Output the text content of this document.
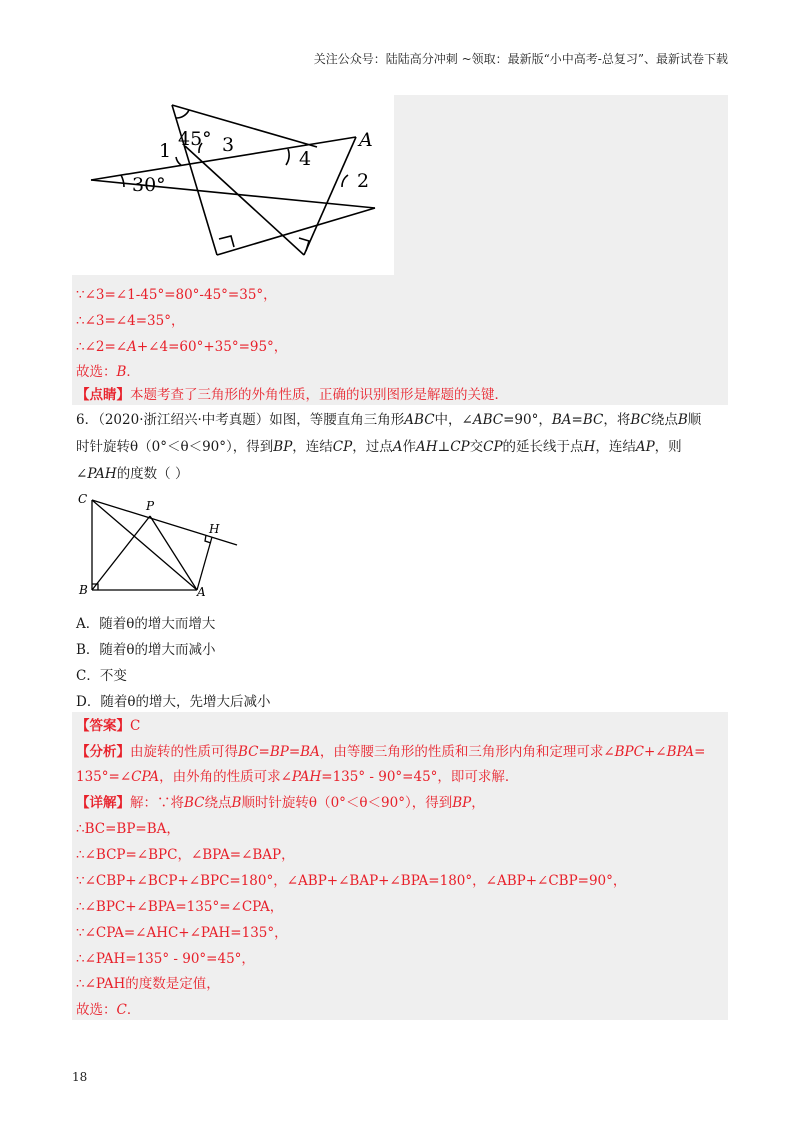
关注公众号：陆陆高分冲刺 ~领取：最新版“小中高考-总复习”、最新试卷下载
45°
1	3
4
A
2
30°
∵∠3=∠1-45°=80°-45°=35°，
∴∠3=∠4=35°，
∴∠2=∠A+∠4=60°+35°=95°，
故选：B．
【点睛】本题考查了三角形的外角性质，正确的识别图形是解题的关键．
6．（2020·浙江绍兴·中考真题）如图，等腰直角三角形ABC中，∠ABC=90°，BA=BC，将BC绕点B顺
时针旋转θ（0°＜θ＜90°），得到BP，连结CP，过点A作AH⊥CP交CP的延长线于点H，连结AP，则
∠PAH的度数（ ）
C	P
H
B	A
A．随着θ的增大而增大
B．随着θ的增大而减小
C．不变
D．随着θ的增大，先增大后减小
【答案】C
【分析】由旋转的性质可得BC=BP=BA，由等腰三角形的性质和三角形内角和定理可求∠BPC+∠BPA=
135°=∠CPA，由外角的性质可求∠PAH=135° - 90°=45°，即可求解．
【详解】解：∵将BC绕点B顺时针旋转θ（0°＜θ＜90°），得到BP，
∴BC=BP=BA，
∴∠BCP=∠BPC，∠BPA=∠BAP，
∵∠CBP+∠BCP+∠BPC=180°，∠ABP+∠BAP+∠BPA=180°，∠ABP+∠CBP=90°，
∴∠BPC+∠BPA=135°=∠CPA，
∵∠CPA=∠AHC+∠PAH=135°，
∴∠PAH=135° - 90°=45°，
∴∠PAH的度数是定值，
故选：C．
18
